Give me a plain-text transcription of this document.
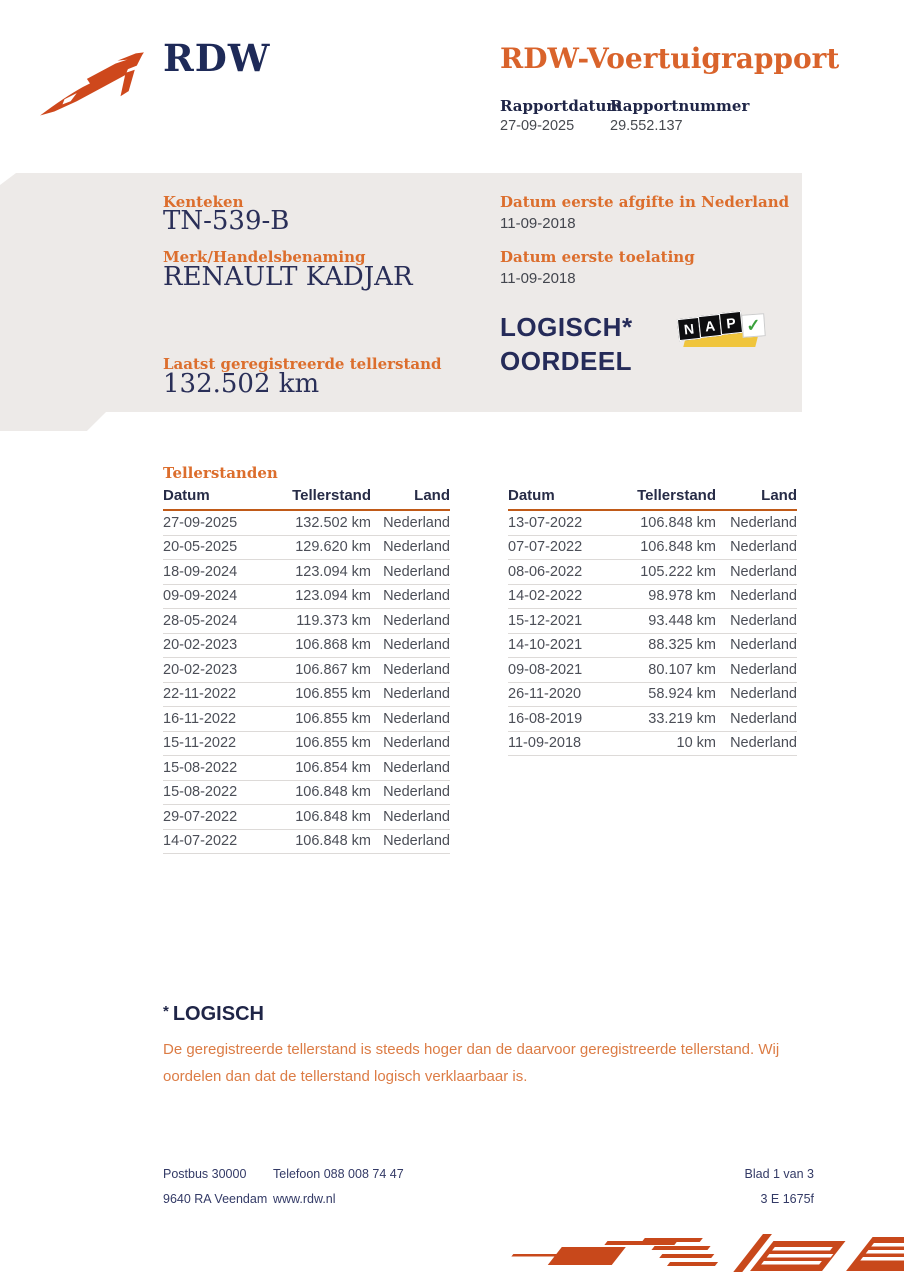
RDW	RDW-Voertuigrapport
Rapportdatum
Rapportnummer
27-09-2025 29.552.137
Kenteken
TN-539-B
Merk/Handelsbenaming
RENAULT KADJAR
Laatst geregistreerde tellerstand
132.502 km
Datum eerste afgifte in Nederland
11-09-2018
Datum eerste toelating
11-09-2018
LOGISCH*
OORDEEL
N A P ✓
Tellerstanden
Datum	Tellerstand	Land
27-09-2025	132.502 km Nederland
20-05-2025	129.620 km Nederland
18-09-2024	123.094 km Nederland
09-09-2024	123.094 km Nederland
28-05-2024	119.373 km Nederland
20-02-2023	106.868 km Nederland
20-02-2023	106.867 km Nederland
22-11-2022	106.855 km Nederland
16-11-2022	106.855 km Nederland
15-11-2022	106.855 km Nederland
15-08-2022	106.854 km Nederland
15-08-2022	106.848 km Nederland
29-07-2022	106.848 km Nederland
14-07-2022	106.848 km Nederland
Datum	Tellerstand	Land
13-07-2022	106.848 km Nederland
07-07-2022	106.848 km Nederland
08-06-2022	105.222 km Nederland
14-02-2022	98.978 km Nederland
15-12-2021	93.448 km Nederland
14-10-2021	88.325 km Nederland
09-08-2021	80.107 km Nederland
26-11-2020	58.924 km Nederland
16-08-2019	33.219 km Nederland
11-09-2018	10 km Nederland
* LOGISCH
De geregistreerde tellerstand is steeds hoger dan de daarvoor geregistreerde tellerstand. Wij oordelen dan dat de tellerstand logisch verklaarbaar is.
Postbus 30000
9640 RA Veendam
Telefoon 088 008 74 47
www.rdw.nl
Blad 1 van 3
3 E 1675f
